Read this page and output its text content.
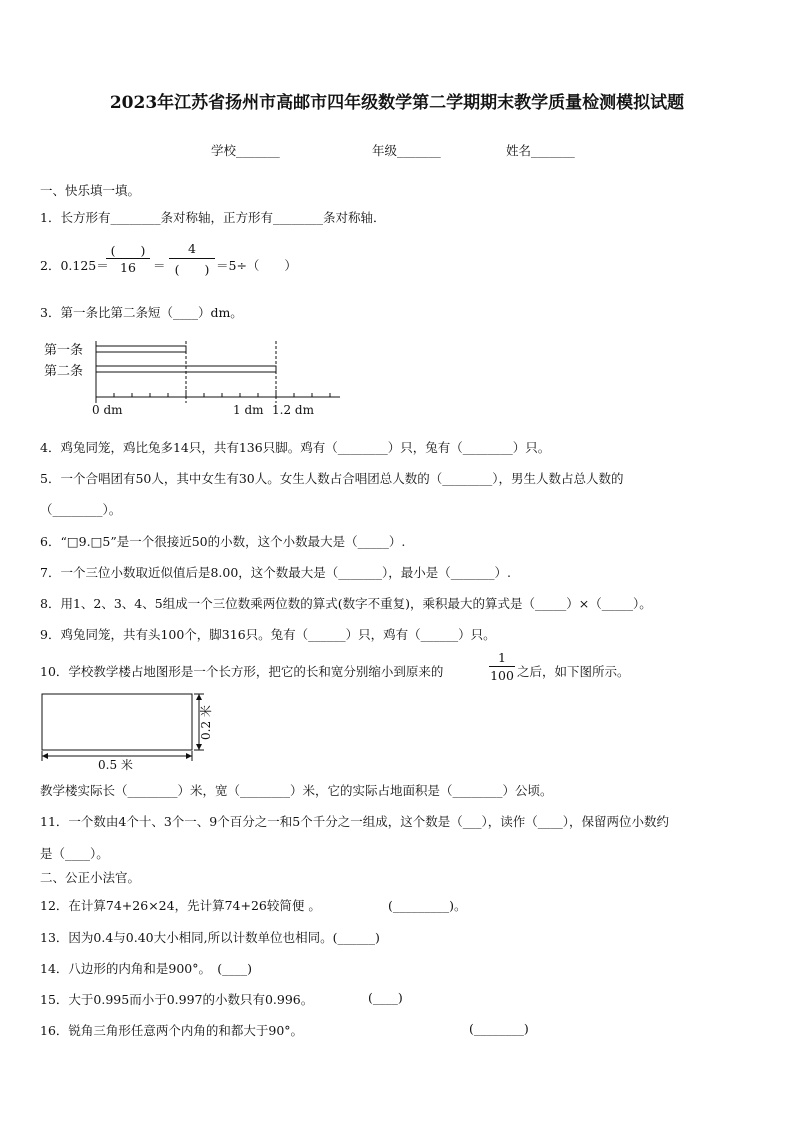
2023年江苏省扬州市高邮市四年级数学第二学期期末教学质量检测模拟试题
学校_______	年级_______	姓名_______
一、快乐填一填。
1．长方形有________条对称轴，正方形有________条对称轴．
2．0.125＝
(　　)
16	＝
4
(　　) ＝5÷（　　）
3．第一条比第二条短（____）dm。
第一条
第二条
0 dm	1 dm 1.2 dm
4．鸡兔同笼，鸡比兔多14只，共有136只脚。鸡有（________）只，兔有（________）只。
5．一个合唱团有50人，其中女生有30人。女生人数占合唱团总人数的（________），男生人数占总人数的
（________）。
6．“□9.□5”是一个很接近50的小数，这个小数最大是（_____）.
7．一个三位小数取近似值后是8.00，这个数最大是（_______），最小是（_______）.
8．用1、2、3、4、5组成一个三位数乘两位数的算式(数字不重复)，乘积最大的算式是（_____）×（_____）。
9．鸡兔同笼，共有头100个，脚316只。兔有（______）只，鸡有（______）只。
10．学校教学楼占地图形是一个长方形，把它的长和宽分别缩小到原来的
1
100 之后，如下图所示。
0.5 米
0.2 米
教学楼实际长（________）米，宽（________）米，它的实际占地面积是（________）公顷。
11．一个数由4个十、3个一、9个百分之一和5个千分之一组成，这个数是（___），读作（____），保留两位小数约
是（____）。
二、公正小法官。
12．在计算74+26×24，先计算74+26较简便 。	(_________)。
13．因为0.4与0.40大小相同,所以计数单位也相同。(______)
14．八边形的内角和是900°。　(____)
15．大于0.995而小于0.997的小数只有0.996。	(____)
16．锐角三角形任意两个内角的和都大于90°。	(________)
